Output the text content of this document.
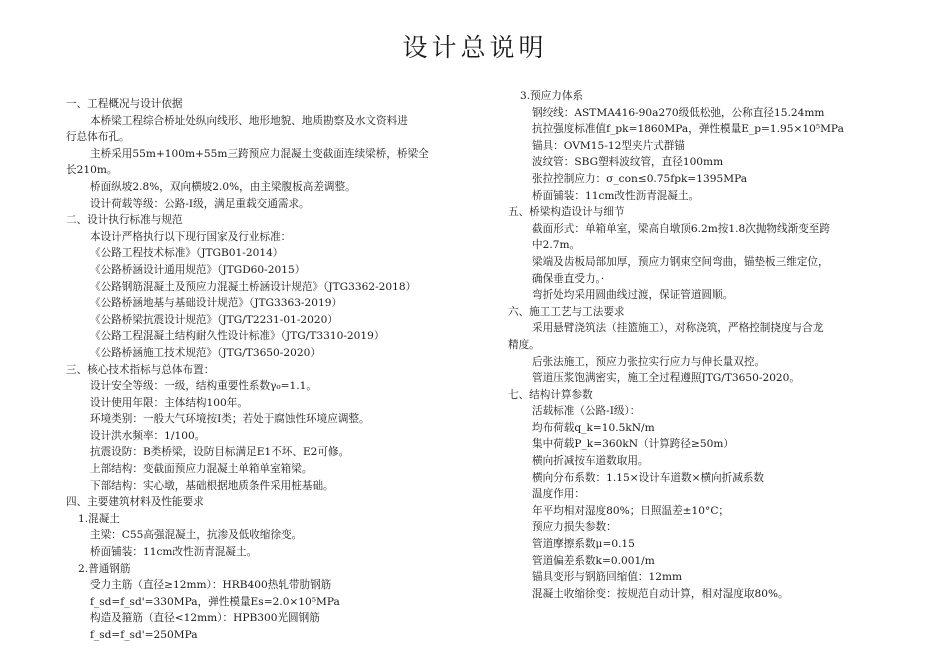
设计总说明
一、工程概况与设计依据
本桥梁工程综合桥址处纵向线形、地形地貌、地质勘察及水文资料进
行总体布孔。
主桥采用55m+100m+55m三跨预应力混凝土变截面连续梁桥，桥梁全
长210m。
桥面纵坡2.8%，双向横坡2.0%，由主梁腹板高差调整。
设计荷载等级：公路-I级，满足重载交通需求。
二、设计执行标准与规范
本设计严格执行以下现行国家及行业标准：
《公路工程技术标准》（JTGB01-2014）
《公路桥涵设计通用规范》（JTGD60-2015）
《公路钢筋混凝土及预应力混凝土桥涵设计规范》（JTG3362-2018）
《公路桥涵地基与基础设计规范》（JTG3363-2019）
《公路桥梁抗震设计规范》（JTG/T2231-01-2020）
《公路工程混凝土结构耐久性设计标准》（JTG/T3310-2019）
《公路桥涵施工技术规范》（JTG/T3650-2020）
三、核心技术指标与总体布置：
设计安全等级：一级，结构重要性系数γ₀=1.1。
设计使用年限：主体结构100年。
环境类别：一般大气环境按I类；若处于腐蚀性环境应调整。
设计洪水频率：1/100。
抗震设防：B类桥梁，设防目标满足E1不坏、E2可修。
上部结构：变截面预应力混凝土单箱单室箱梁。
下部结构：实心墩，基础根据地质条件采用桩基础。
四、主要建筑材料及性能要求
1.混凝土
主梁：C55高强混凝土，抗渗及低收缩徐变。
桥面铺装：11cm改性沥青混凝土。
2.普通钢筋
受力主筋（直径≥12mm）：HRB400热轧带肋钢筋
f_sd=f_sd'=330MPa，弹性模量Es=2.0×10⁵MPa
构造及箍筋（直径<12mm）：HPB300光圆钢筋
f_sd=f_sd'=250MPa
3.预应力体系
钢绞线：ASTMA416-90a270级低松弛，公称直径15.24mm
抗拉强度标准值f_pk=1860MPa，弹性模量E_p=1.95×10⁵MPa
锚具：OVM15-12型夹片式群锚
波纹管：SBG塑料波纹管，直径100mm
张拉控制应力：σ_con≤0.75fpk=1395MPa
桥面铺装：11cm改性沥青混凝土。
五、桥梁构造设计与细节
截面形式：单箱单室，梁高自墩顶6.2m按1.8次抛物线渐变至跨
中2.7m。
梁端及齿板局部加厚，预应力钢束空间弯曲，锚垫板三维定位，
确保垂直受力。·
弯折处均采用圆曲线过渡，保证管道圆顺。
六、施工工艺与工法要求
采用悬臂浇筑法（挂篮施工），对称浇筑，严格控制挠度与合龙
精度。
后张法施工，预应力张拉实行应力与伸长量双控。
管道压浆饱满密实，施工全过程遵照JTG/T3650-2020。
七、结构计算参数
活载标准（公路-I级）：
均布荷载q_k=10.5kN/m
集中荷载P_k=360kN（计算跨径≥50m）
横向折减按车道数取用。
横向分布系数：1.15×设计车道数×横向折减系数
温度作用：
年平均相对湿度80%；日照温差±10°C；
预应力损失参数：
管道摩擦系数μ=0.15
管道偏差系数k=0.001/m
锚具变形与钢筋回缩值：12mm
混凝土收缩徐变：按规范自动计算，相对湿度取80%。
